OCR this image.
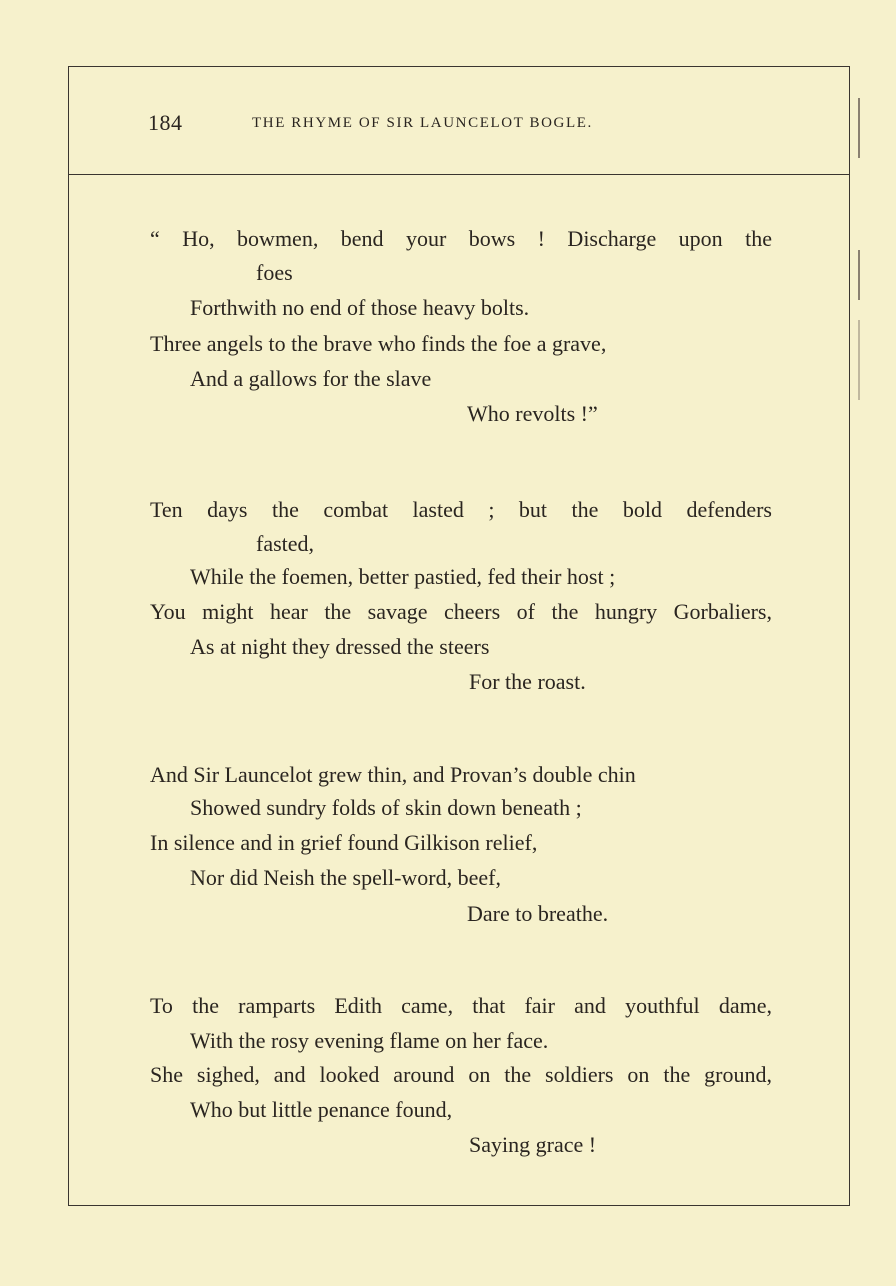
184	THE RHYME OF SIR LAUNCELOT BOGLE.
“ Ho, bowmen, bend your bows ! Discharge upon the
foes
Forthwith no end of those heavy bolts.
Three angels to the brave who finds the foe a grave,
And a gallows for the slave
Who revolts !”
Ten days the combat lasted ; but the bold defenders
fasted,
While the foemen, better pastied, fed their host ;
You might hear the savage cheers of the hungry Gorbaliers,
As at night they dressed the steers
For the roast.
And Sir Launcelot grew thin, and Provan’s double chin
Showed sundry folds of skin down beneath ;
In silence and in grief found Gilkison relief,
Nor did Neish the spell-word, beef,
Dare to breathe.
To the ramparts Edith came, that fair and youthful dame,
With the rosy evening flame on her face.
She sighed, and looked around on the soldiers on the ground,
Who but little penance found,
Saying grace !
